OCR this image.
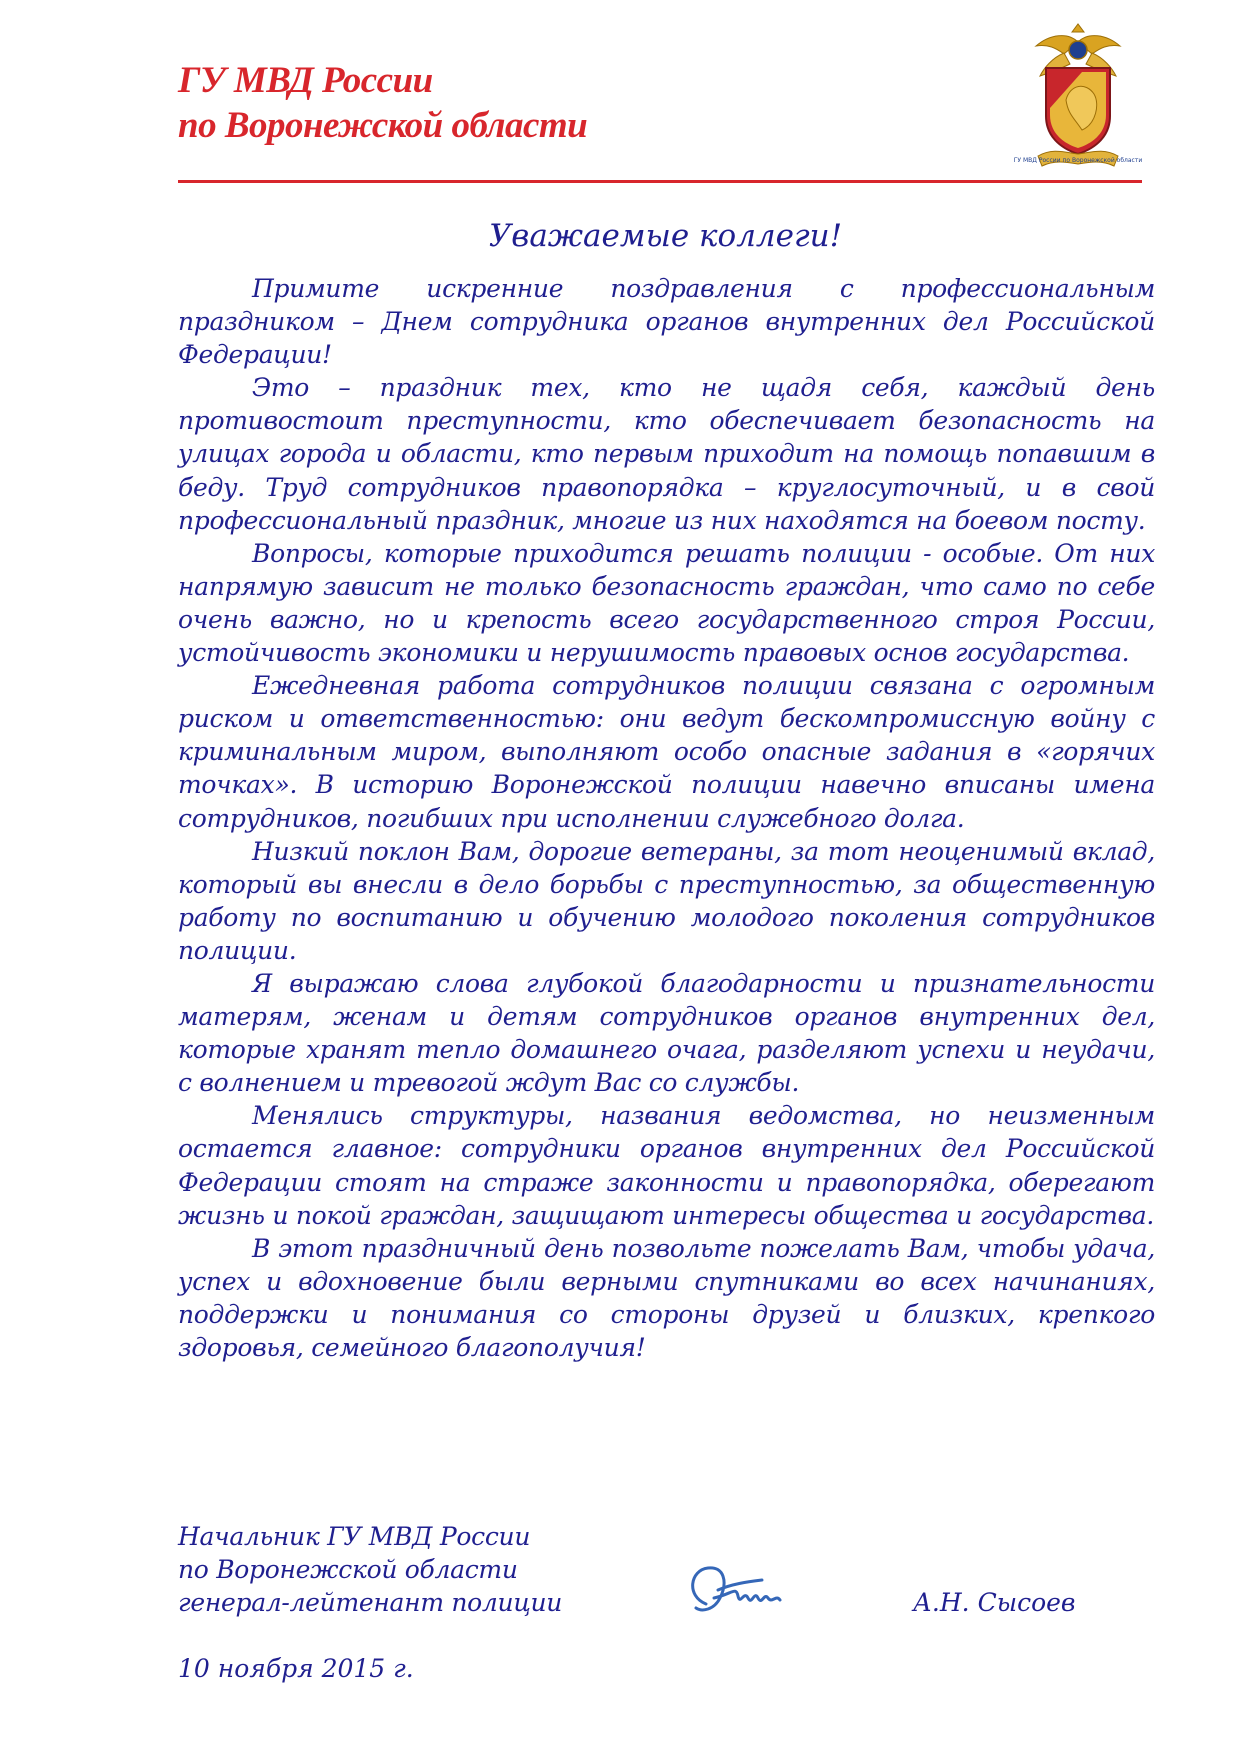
ГУ МВД России
по Воронежской области
ГУ МВД России по Воронежской области
Уважаемые коллеги!

Примите искренние поздравления с профессиональным праздником – Днем сотрудника органов внутренних дел Российской Федерации!

Это – праздник тех, кто не щадя себя, каждый день противостоит преступности, кто обеспечивает безопасность на улицах города и области, кто первым приходит на помощь попавшим в беду. Труд сотрудников правопорядка – круглосуточный, и в свой профессиональный праздник, многие из них находятся на боевом посту.

Вопросы, которые приходится решать полиции - особые. От них напрямую зависит не только безопасность граждан, что само по себе очень важно, но и крепость всего государственного строя России, устойчивость экономики и нерушимость правовых основ государства.

Ежедневная работа сотрудников полиции связана с огромным риском и ответственностью: они ведут бескомпромиссную войну с криминальным миром, выполняют особо опасные задания в «горячих точках». В историю Воронежской полиции навечно вписаны имена сотрудников, погибших при исполнении служебного долга.

Низкий поклон Вам, дорогие ветераны, за тот неоценимый вклад, который вы внесли в дело борьбы с преступностью, за общественную работу по воспитанию и обучению молодого поколения сотрудников полиции.

Я выражаю слова глубокой благодарности и признательности матерям, женам и детям сотрудников органов внутренних дел, которые хранят тепло домашнего очага, разделяют успехи и неудачи, с волнением и тревогой ждут Вас со службы.

Менялись структуры, названия ведомства, но неизменным остается главное: сотрудники органов внутренних дел Российской Федерации стоят на страже законности и правопорядка, оберегают жизнь и покой граждан, защищают интересы общества и государства.

В этот праздничный день позвольте пожелать Вам, чтобы удача, успех и вдохновение были верными спутниками во всех начинаниях, поддержки и понимания со стороны друзей и близких, крепкого здоровья, семейного благополучия!

Начальник ГУ МВД России
по Воронежской области
генерал-лейтенант полиции	А.Н. Сысоев
10 ноября 2015 г.
